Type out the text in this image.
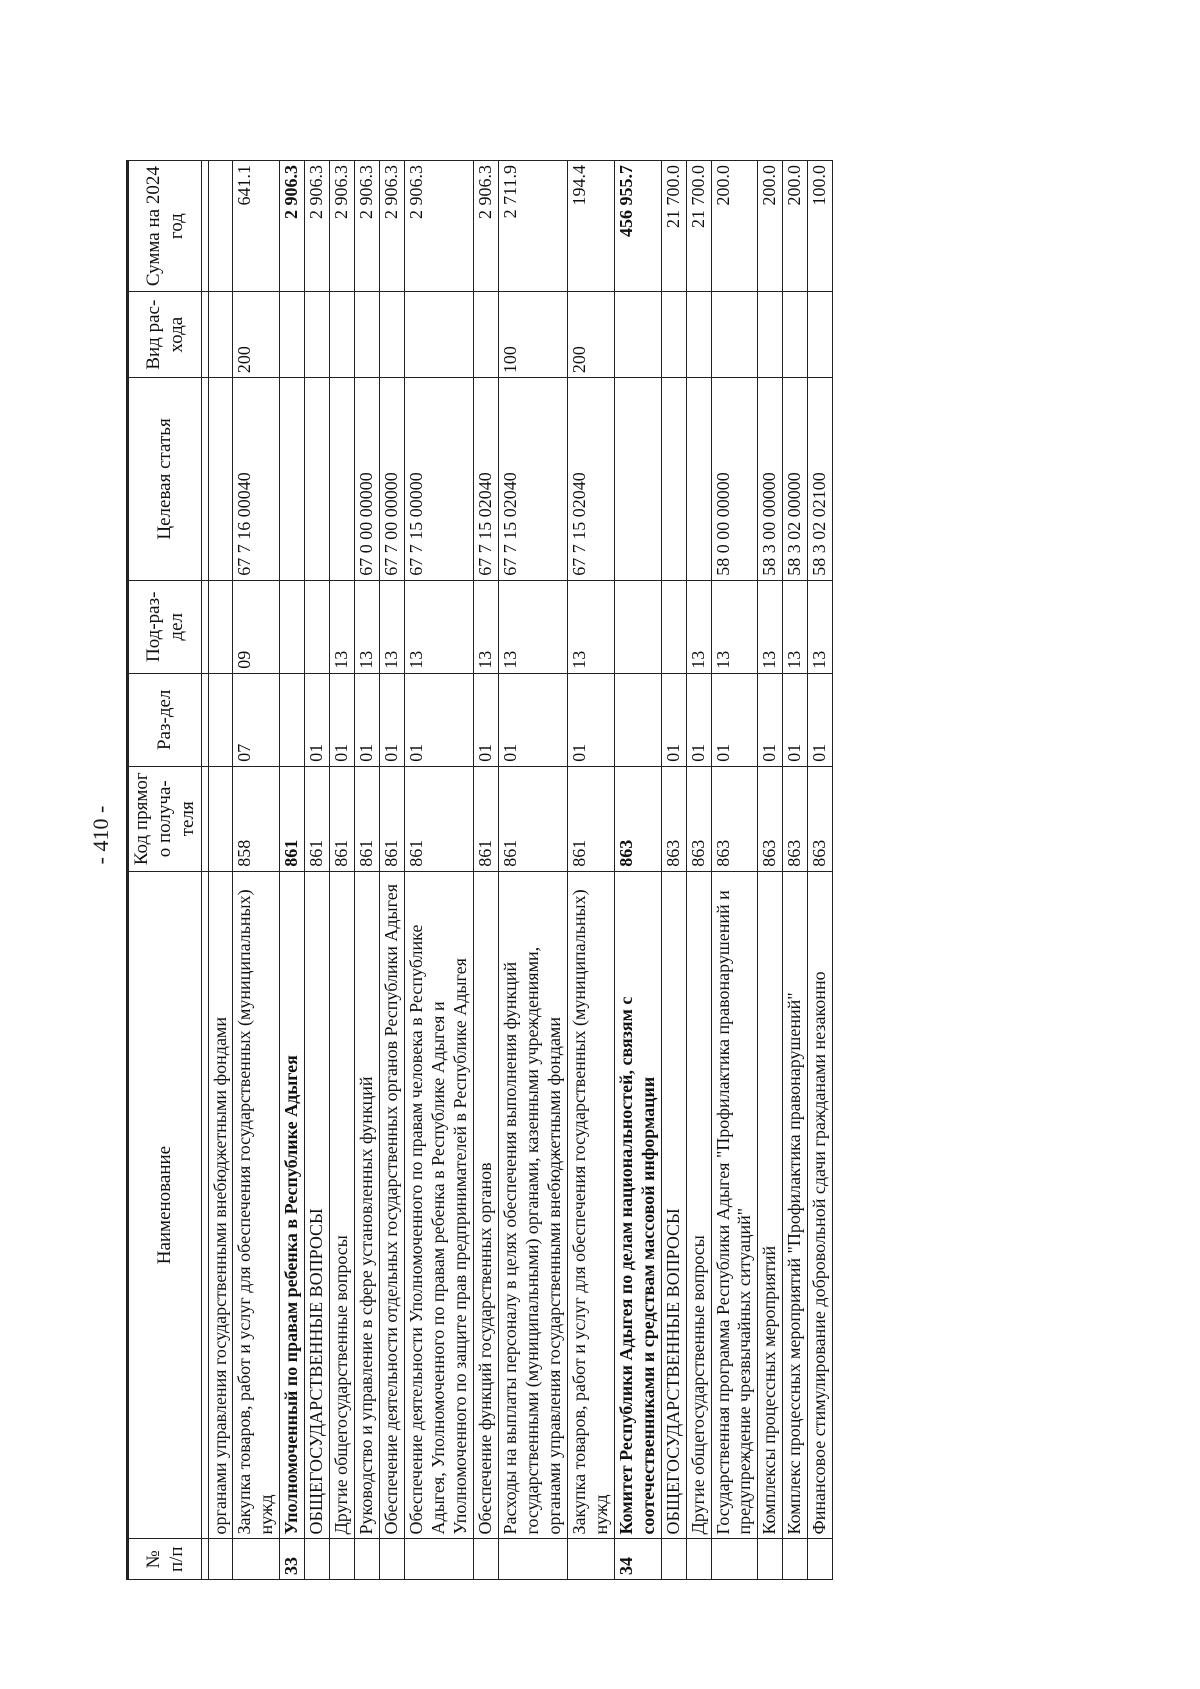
- 410 -
№ п/п	Наименование	Код прямог о получа-теля	Раз-дел	Под-раз-дел	Целевая статья	Вид рас-хода	Сумма на 2024 год

	органами управления государственными внебюджетными фондами						
	Закупка товаров, работ и услуг для обеспечения государственных (муниципальных) нужд	858	07	09	67 7 16 00040	200	641.1
33	Уполномоченный по правам ребенка в Республике Адыгея	861					2 906.3
	ОБЩЕГОСУДАРСТВЕННЫЕ ВОПРОСЫ	861	01				2 906.3
	Другие общегосударственные вопросы	861	01	13			2 906.3
	Руководство и управление в сфере установленных функций	861	01	13	67 0 00 00000		2 906.3
	Обеспечение деятельности отдельных государственных органов Республики Адыгея	861	01	13	67 7 00 00000		2 906.3
	Обеспечение деятельности Уполномоченного по правам человека в Республике Адыгея, Уполномоченного по правам ребенка в Республике Адыгея и Уполномоченного по защите прав предпринимателей в Республике Адыгея	861	01	13	67 7 15 00000		2 906.3
	Обеспечение функций государственных органов	861	01	13	67 7 15 02040		2 906.3
	Расходы на выплаты персоналу в целях обеспечения выполнения функций государственными (муниципальными) органами, казенными учреждениями, органами управления государственными внебюджетными фондами	861	01	13	67 7 15 02040	100	2 711.9
	Закупка товаров, работ и услуг для обеспечения государственных (муниципальных) нужд	861	01	13	67 7 15 02040	200	194.4
34	Комитет Республики Адыгея по делам национальностей, связям с соотечественниками и средствам массовой информации	863					456 955.7
	ОБЩЕГОСУДАРСТВЕННЫЕ ВОПРОСЫ	863	01				21 700.0
	Другие общегосударственные вопросы	863	01	13			21 700.0
	Государственная программа Республики Адыгея "Профилактика правонарушений и предупреждение чрезвычайных ситуаций"	863	01	13	58 0 00 00000		200.0
	Комплексы процессных мероприятий	863	01	13	58 3 00 00000		200.0
	Комплекс процессных мероприятий "Профилактика правонарушений"	863	01	13	58 3 02 00000		200.0
	Финансовое стимулирование добровольной сдачи гражданами незаконно	863	01	13	58 3 02 02100		100.0
